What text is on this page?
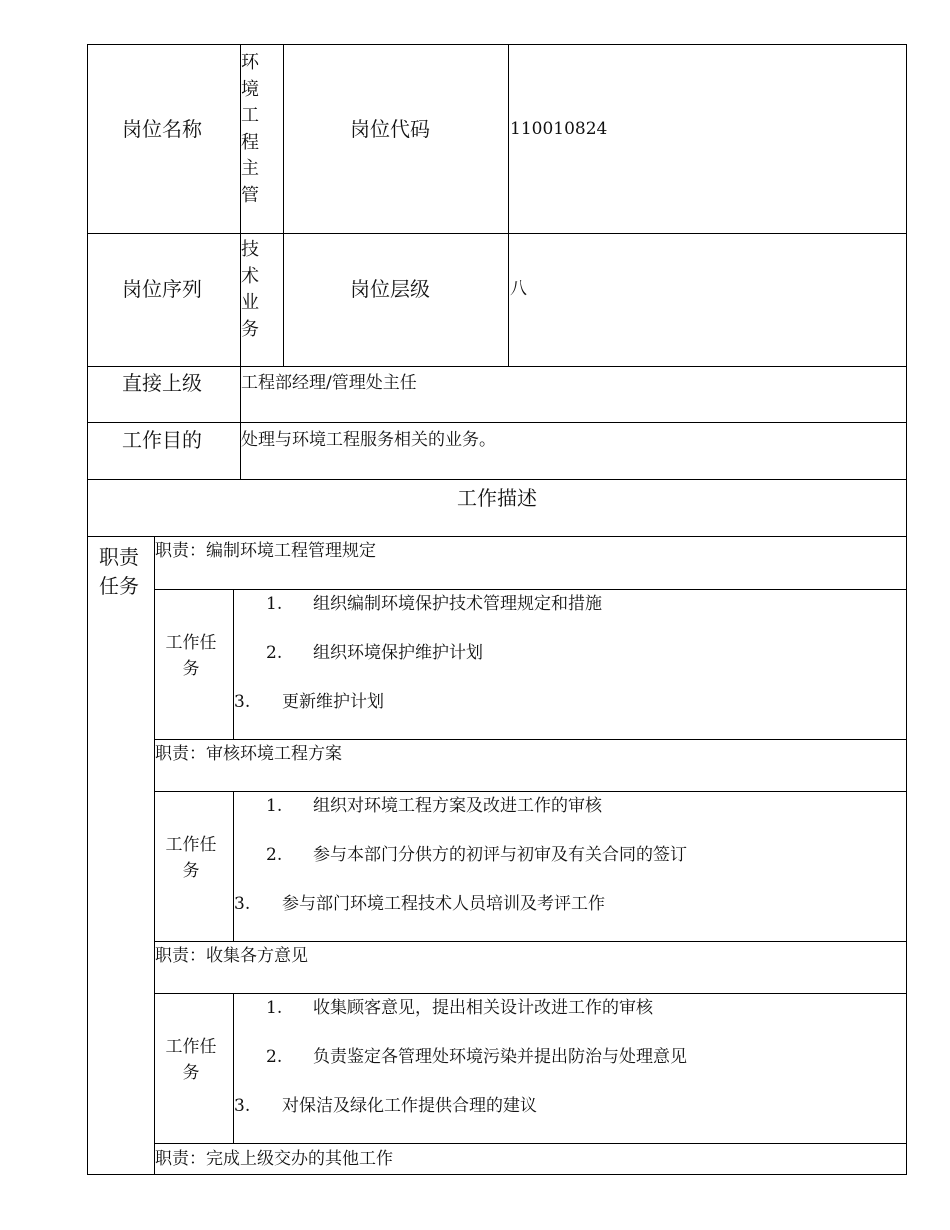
岗位名称
环境工程主管
岗位代码	110010824
岗位序列
技术业务
岗位层级	八
直接上级 工程部经理/管理处主任
工作目的 处理与环境工程服务相关的业务。
工作描述
职责任务
职责：编制环境工程管理规定
工作任务
1. 组织编制环境保护技术管理规定和措施
2. 组织环境保护维护计划
3. 更新维护计划
职责：审核环境工程方案
工作任务
1. 组织对环境工程方案及改进工作的审核
2. 参与本部门分供方的初评与初审及有关合同的签订
3. 参与部门环境工程技术人员培训及考评工作
职责：收集各方意见
工作任务
1. 收集顾客意见，提出相关设计改进工作的审核
2. 负责鉴定各管理处环境污染并提出防治与处理意见
3. 对保洁及绿化工作提供合理的建议
职责：完成上级交办的其他工作
